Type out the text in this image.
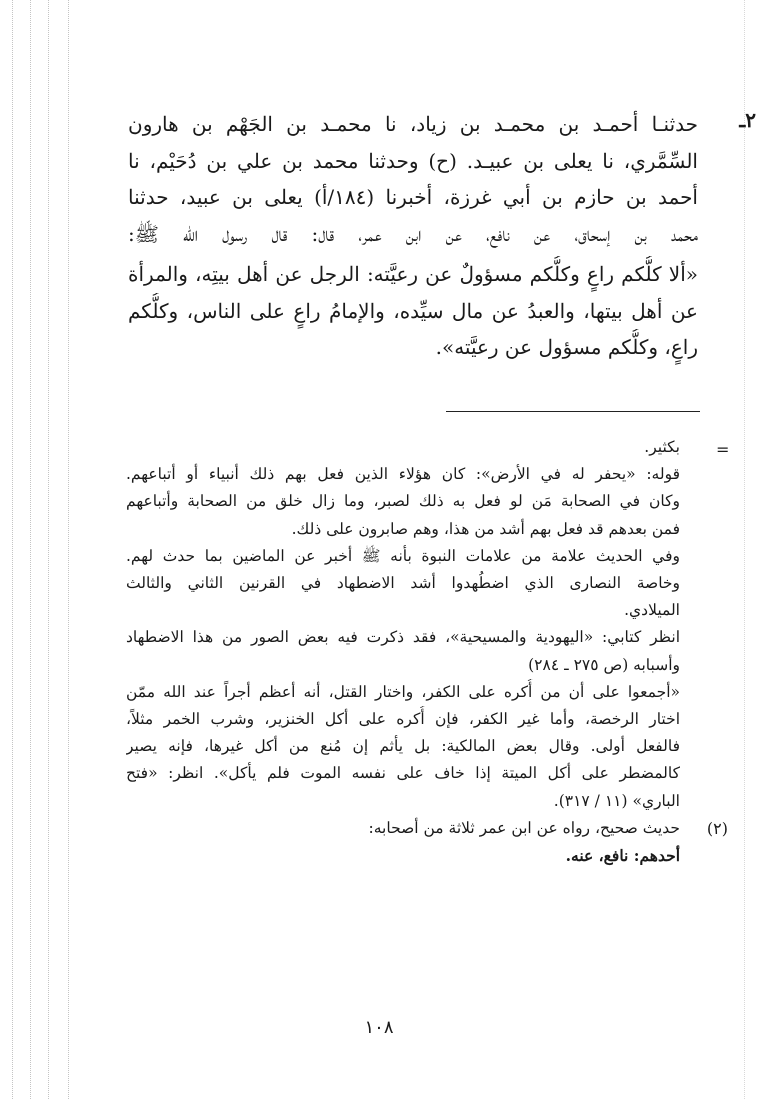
٢ـ
حدثنـا أحمـد بن محمـد بن زياد، نا محمـد بن الجَهْم بن هارون
السِّمَّري، نا يعلى بن عبيـد. (ح) وحدثنا محمد بن علي بن دُحَيْم، نا
أحمد بن حازم بن أبي غرزة، أخبرنا (١٨٤/أ) يعلى بن عبيد، حدثنا
محمد بن إسحاق، عن نافع، عن ابن عمر، قال: قال رسول الله ﷺ:
«ألا كلُّكم راعٍ وكلُّكم مسؤولٌ عن رعيَّته: الرجل عن أهل بيتِه، والمرأة
عن أهل بيتها، والعبدُ عن مال سيِّده، والإمامُ راعٍ على الناس، وكلُّكم
راعٍ، وكلُّكم مسؤول عن رعيَّته».
=
بكثير.
قوله: «يحفر له في الأرض»: كان هؤلاء الذين فعل بهم ذلك أنبياء أو أتباعهم.
وكان في الصحابة مَن لو فعل به ذلك لصبر، وما زال خلق من الصحابة وأتباعهم
فمن بعدهم قد فعل بهم أشد من هذا، وهم صابرون على ذلك.
وفي الحديث علامة من علامات النبوة بأنه ﷺ أخبر عن الماضين بما حدث لهم.
وخاصة النصارى الذي اضطُهدوا أشد الاضطهاد في القرنين الثاني والثالث
الميلادي.
انظر كتابي: «اليهودية والمسيحية»، فقد ذكرت فيه بعض الصور من هذا الاضطهاد
وأسبابه (ص ٢٧٥ ـ ٢٨٤)
«أجمعوا على أن من أُكره على الكفر، واختار القتل، أنه أعظم أجراً عند الله ممّن
اختار الرخصة، وأما غير الكفر، فإن أُكره على أكل الخنزير، وشرب الخمر مثلاً،
فالفعل أولى. وقال بعض المالكية: بل يأثم إن مُنع من أكل غيرها، فإنه يصير
كالمضطر على أكل الميتة إذا خاف على نفسه الموت فلم يأكل». انظر: «فتح
الباري» (١١ / ٣١٧).
(٢)
حديث صحيح، رواه عن ابن عمر ثلاثة من أصحابه:
أحدهم: نافع، عنه.
١٠٨
